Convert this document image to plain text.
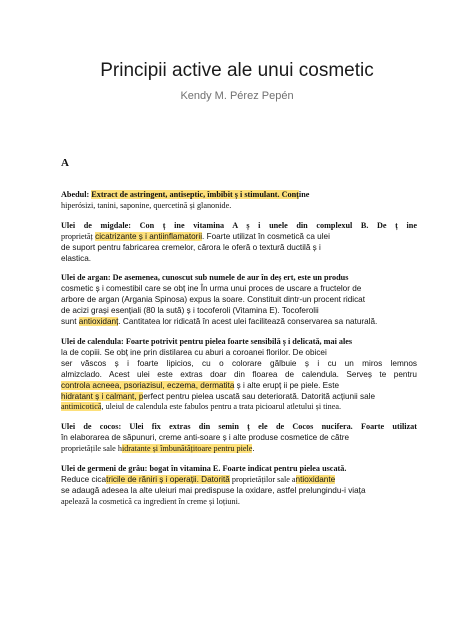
Principii active ale unui cosmetic
Kendy M. Pérez Pepén
A
Abedul: Extract de astringent, antiseptic, îmbibit ș i stimulant. Conține
hiperósizi, tanini, saponine, quercetină și glanonide.
Ulei de migdale: Con ț ine vitamina A ș i unele din complexul B. De ț ine
proprietăț cicatrizante ș i antiinflamatorii. Foarte utilizat în cosmetică ca ulei
de suport pentru fabricarea cremelor, cărora le oferă o textură ductilă ș i
elastica.
Ulei de argan: De asemenea, cunoscut sub numele de aur în deș ert, este un produs
cosmetic ș i comestibil care se obț ine În urma unui proces de uscare a fructelor de
arbore de argan (Argania Spinosa) expus la soare. Constituit dintr-un procent ridicat
de acizi grași esențiali (80 la sută) ș i tocoferoli (Vitamina E). Tocoferolii
sunt antioxidanț. Cantitatea lor ridicată în acest ulei facilitează conservarea sa naturală.
Ulei de calendula: Foarte potrivit pentru pielea foarte sensibilă ș i delicată, mai ales
la de copiii. Se obț ine prin distilarea cu aburi a coroanei florilor. De obicei
ser văscos ș i foarte lipicios, cu o colorare gălbuie ș i cu un miros lemnos
almizclado. Acest ulei este extras doar din floarea de calendula. Serveș te pentru
controla acneea, psoriazisul, eczema, dermatita ș i alte erupț ii pe piele. Este
hidratant ș i calmant, perfect pentru pielea uscată sau deteriorată. Datorită acțiunii sale
antimicotică, uleiul de calendula este fabulos pentru a trata picioarul atletului și tinea.
Ulei de cocos: Ulei fix extras din semin ț ele de Cocos nucifera. Foarte utilizat
în elaborarea de săpunuri, creme anti-soare ș i alte produse cosmetice de către
proprietățile sale hidratante și îmbunătățitoare pentru piele.
Ulei de germeni de grâu: bogat în vitamina E. Foarte indicat pentru pielea uscată.
Reduce cicatricile de răniri ș i operații. Datorită proprietăților sale antioxidante
se adaugă adesea la alte uleiuri mai predispuse la oxidare, astfel prelungindu-i viața
apelează la cosmetică ca ingredient în creme și loțiuni.
